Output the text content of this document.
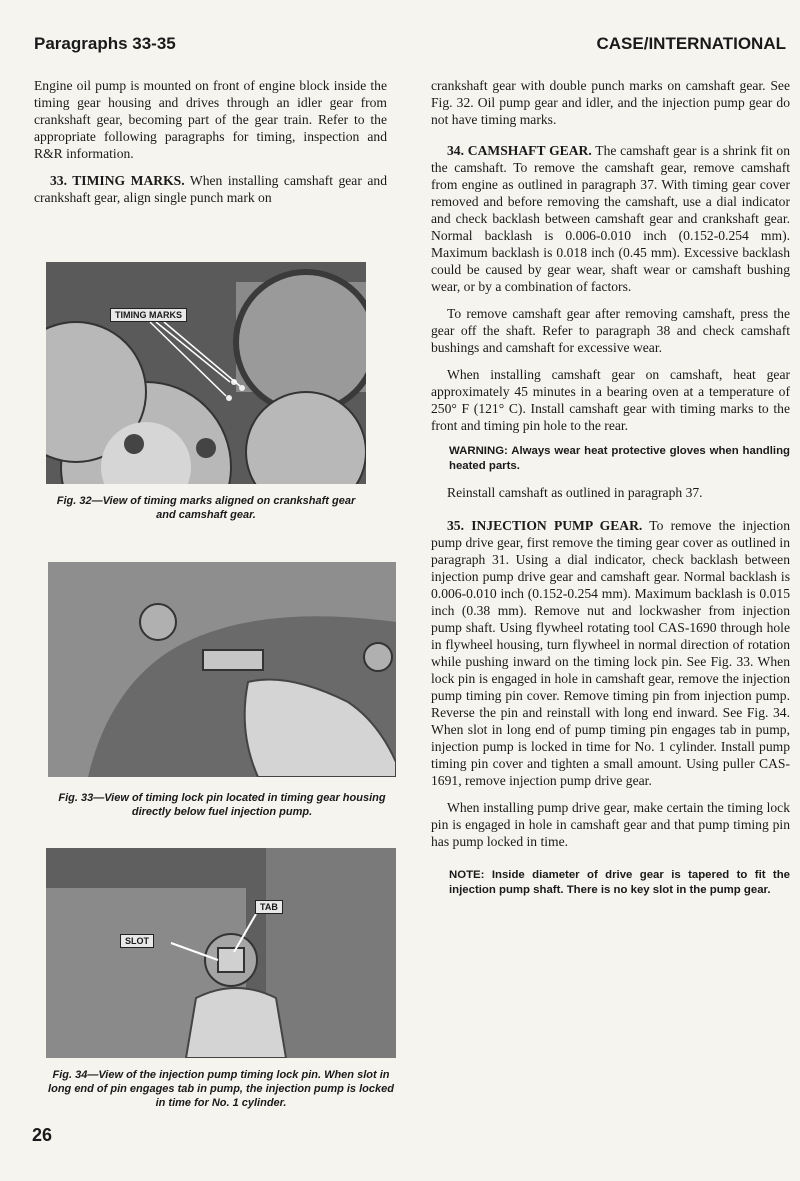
Paragraphs 33-35	CASE/INTERNATIONAL

Engine oil pump is mounted on front of engine block inside the timing gear housing and drives through an idler gear from crankshaft gear, becoming part of the gear train. Refer to the appropriate following paragraphs for timing, inspection and R&R information.

33. TIMING MARKS. When installing camshaft gear and crankshaft gear, align single punch mark on

TIMING MARKS
Fig. 32—View of timing marks aligned on crankshaft gear and camshaft gear.
Fig. 33—View of timing lock pin located in timing gear housing directly below fuel injection pump.
SLOT
TAB
Fig. 34—View of the injection pump timing lock pin. When slot in long end of pin engages tab in pump, the injection pump is locked in time for No. 1 cylinder.

crankshaft gear with double punch marks on camshaft gear. See Fig. 32. Oil pump gear and idler, and the injection pump gear do not have timing marks.

34. CAMSHAFT GEAR. The camshaft gear is a shrink fit on the camshaft. To remove the camshaft gear, remove camshaft from engine as outlined in paragraph 37. With timing gear cover removed and before removing the camshaft, use a dial indicator and check backlash between camshaft gear and crankshaft gear. Normal backlash is 0.006-0.010 inch (0.152-0.254 mm). Maximum backlash is 0.018 inch (0.45 mm). Excessive backlash could be caused by gear wear, shaft wear or camshaft bushing wear, or by a combination of factors.

To remove camshaft gear after removing camshaft, press the gear off the shaft. Refer to paragraph 38 and check camshaft bushings and camshaft for excessive wear.

When installing camshaft gear on camshaft, heat gear approximately 45 minutes in a bearing oven at a temperature of 250° F (121° C). Install camshaft gear with timing marks to the front and timing pin hole to the rear.

WARNING: Always wear heat protective gloves when handling heated parts.

Reinstall camshaft as outlined in paragraph 37.

35. INJECTION PUMP GEAR. To remove the injection pump drive gear, first remove the timing gear cover as outlined in paragraph 31. Using a dial indicator, check backlash between injection pump drive gear and camshaft gear. Normal backlash is 0.006-0.010 inch (0.152-0.254 mm). Maximum backlash is 0.015 inch (0.38 mm). Remove nut and lockwasher from injection pump shaft. Using flywheel rotating tool CAS-1690 through hole in flywheel housing, turn flywheel in normal direction of rotation while pushing inward on the timing lock pin. See Fig. 33. When lock pin is engaged in hole in camshaft gear, remove the injection pump timing pin cover. Remove timing pin from injection pump. Reverse the pin and reinstall with long end inward. See Fig. 34. When slot in long end of pump timing pin engages tab in pump, injection pump is locked in time for No. 1 cylinder. Install pump timing pin cover and tighten a small amount. Using puller CAS-1691, remove injection pump drive gear.

When installing pump drive gear, make certain the timing lock pin is engaged in hole in camshaft gear and that pump timing pin has pump locked in time.

NOTE: Inside diameter of drive gear is tapered to fit the injection pump shaft. There is no key slot in the pump gear.

26
